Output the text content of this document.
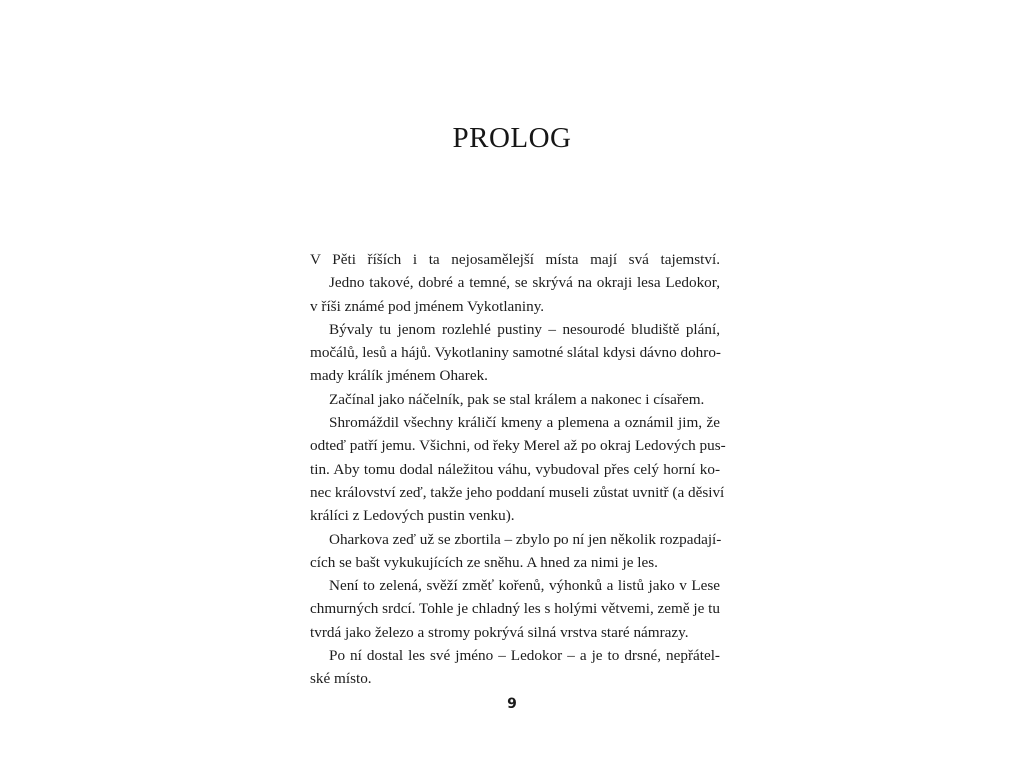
PROLOG
V Pěti říších i ta nejosamělejší místa mají svá tajemství.
Jedno takové, dobré a temné, se skrývá na okraji lesa Ledokor,
v říši známé pod jménem Vykotlaniny.
Bývaly tu jenom rozlehlé pustiny – nesourodé bludiště plání,
močálů, lesů a hájů. Vykotlaniny samotné slátal kdysi dávno dohro-
mady králík jménem Oharek.
Začínal jako náčelník, pak se stal králem a nakonec i císařem.
Shromáždil všechny králičí kmeny a plemena a oznámil jim, že
odteď patří jemu. Všichni, od řeky Merel až po okraj Ledových pus-
tin. Aby tomu dodal náležitou váhu, vybudoval přes celý horní ko-
nec království zeď, takže jeho poddaní museli zůstat uvnitř (a děsiví
králíci z Ledových pustin venku).
Oharkova zeď už se zbortila – zbylo po ní jen několik rozpadají-
cích se bašt vykukujících ze sněhu. A hned za nimi je les.
Není to zelená, svěží změť kořenů, výhonků a listů jako v Lese
chmurných srdcí. Tohle je chladný les s holými větvemi, země je tu
tvrdá jako železo a stromy pokrývá silná vrstva staré námrazy.
Po ní dostal les své jméno – Ledokor – a je to drsné, nepřátel-
ské místo.
9
